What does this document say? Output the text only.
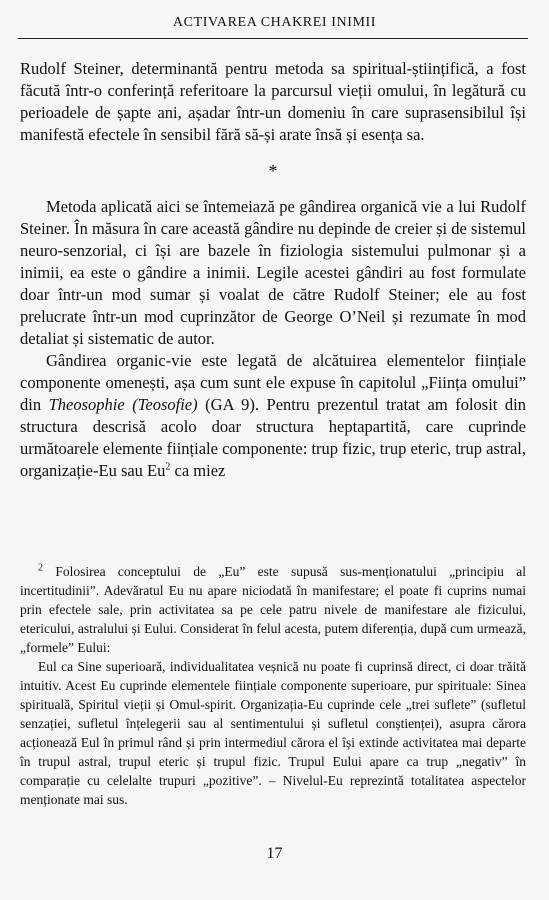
ACTIVAREA CHAKREI INIMII

Rudolf Steiner, determinantă pentru metoda sa spiritual-științifică, a fost făcută într-o conferință referitoare la parcursul vieții omului, în legătură cu perioadele de șapte ani, așadar într-un domeniu în care suprasensibilul își manifestă efectele în sensibil fără să-și arate însă și esența sa.

*

Metoda aplicată aici se întemeiază pe gândirea organică vie a lui Rudolf Steiner. În măsura în care această gândire nu depinde de creier și de sistemul neuro-senzorial, ci își are bazele în fiziologia sistemului pulmonar și a inimii, ea este o gândire a inimii. Legile acestei gândiri au fost formulate doar într-un mod sumar și voalat de către Rudolf Steiner; ele au fost prelucrate într-un mod cuprinzător de George O’Neil și rezumate în mod detaliat și sistematic de autor.

Gândirea organic-vie este legată de alcătuirea elementelor ființiale componente omenești, așa cum sunt ele expuse în capitolul „Ființa omului” din Theosophie (Teosofie) (GA 9). Pentru prezentul tratat am folosit din structura descrisă acolo doar structura heptapartită, care cuprinde următoarele elemente ființiale componente: trup fizic, trup eteric, trup astral, organizație-Eu sau Eu$^2$ ca miez

$^2$ Folosirea conceptului de „Eu” este supusă sus-menționatului „principiu al incertitudinii”. Adevăratul Eu nu apare niciodată în manifestare; el poate fi cuprins numai prin efectele sale, prin activitatea sa pe cele patru nivele de manifestare ale fizicului, etericului, astralului și Eului. Considerat în felul acesta, putem diferenția, după cum urmează, „formele” Eului:

Eul ca Sine superioară, individualitatea veșnică nu poate fi cuprinsă direct, ci doar trăită intuitiv. Acest Eu cuprinde elementele ființiale componente superioare, pur spirituale: Sinea spirituală, Spiritul vieții și Omul-spirit. Organizația-Eu cuprinde cele „trei suflete” (sufletul senzației, sufletul înțelegerii sau al sentimentului și sufletul conștienței), asupra cărora acționează Eul în primul rând și prin intermediul cărora el își extinde activitatea mai departe în trupul astral, trupul eteric și trupul fizic. Trupul Eului apare ca trup „negativ” în comparație cu celelalte trupuri „pozitive”. – Nivelul-Eu reprezintă totalitatea aspectelor menționate mai sus.

17
